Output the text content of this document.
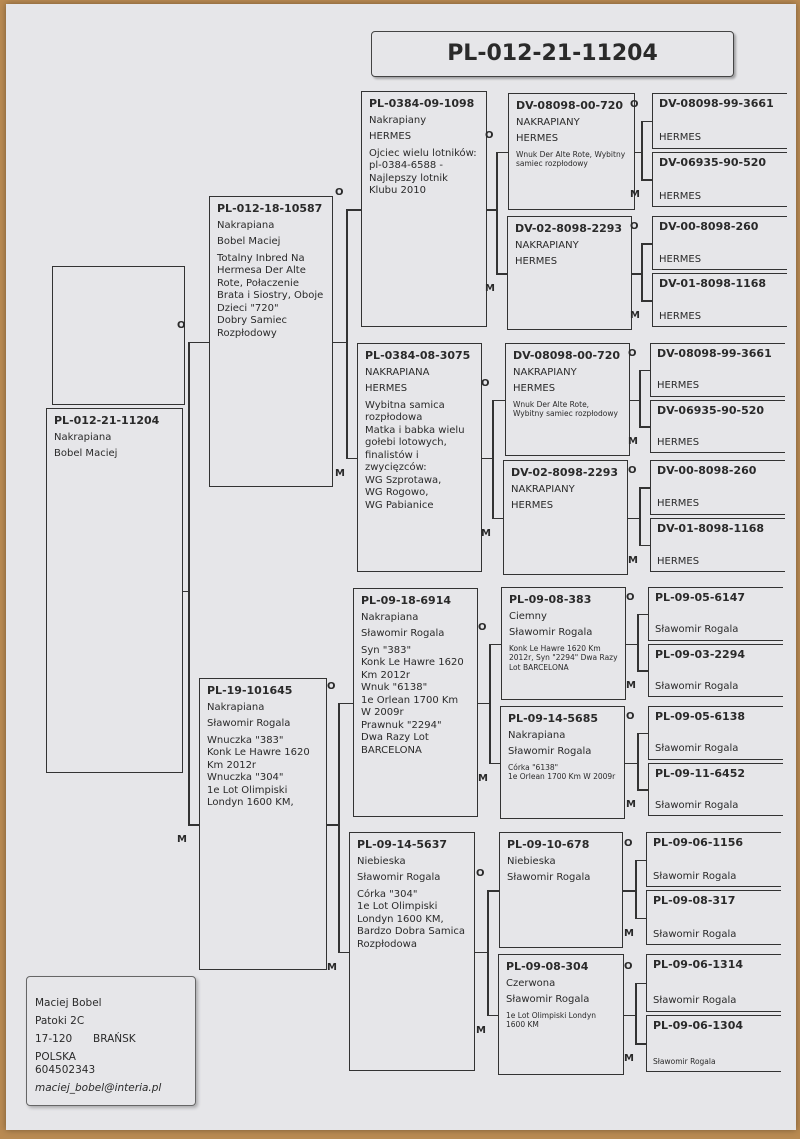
PL-012-21-11204
Maciej Bobel
Patoki 2C
17-120 BRAŃSK
POLSKA
604502343
maciej_bobel@interia.pl
PL-012-21-11204
Nakrapiana
Bobel Maciej
PL-012-18-10587
Nakrapiana
Bobel Maciej
Totalny Inbred Na Hermesa Der Alte Rote, Połaczenie Brata i Siostry, Oboje Dzieci "720"
Dobry Samiec Rozpłodowy
PL-19-101645
Nakrapiana
Sławomir Rogala
Wnuczka "383"
Konk Le Hawre 1620 Km 2012r
Wnuczka "304"
1e Lot Olimpiski Londyn 1600 KM,
PL-0384-09-1098
Nakrapiany
HERMES
Ojciec wielu lotników: pl-0384-6588 - Najlepszy lotnik Klubu 2010
PL-0384-08-3075
NAKRAPIANA
HERMES
Wybitna samica rozpłodowa
Matka i babka wielu gołebi lotowych, finalistów i zwycięzców:
WG Szprotawa,
WG Rogowo,
WG Pabianice
PL-09-18-6914
Nakrapiana
Sławomir Rogala
Syn "383"
Konk Le Hawre 1620 Km 2012r
Wnuk "6138"
1e Orlean 1700 Km W 2009r
Prawnuk "2294"
Dwa Razy Lot BARCELONA
PL-09-14-5637
Niebieska
Sławomir Rogala
Córka "304"
1e Lot Olimpiski Londyn 1600 KM, Bardzo Dobra Samica Rozpłodowa
DV-08098-00-720
NAKRAPIANY
HERMES
Wnuk Der Alte Rote, Wybitny samiec rozpłodowy
DV-02-8098-2293
NAKRAPIANY
HERMES
DV-08098-00-720
NAKRAPIANY
HERMES
Wnuk Der Alte Rote, Wybitny samiec rozpłodowy
DV-02-8098-2293
NAKRAPIANY
HERMES
PL-09-08-383
Ciemny
Sławomir Rogala
Konk Le Hawre 1620 Km 2012r, Syn "2294" Dwa Razy Lot BARCELONA
PL-09-14-5685
Nakrapiana
Sławomir Rogala
Córka "6138"
1e Orlean 1700 Km W 2009r
PL-09-10-678
Niebieska
Sławomir Rogala
PL-09-08-304
Czerwona
Sławomir Rogala
1e Lot Olimpiski Londyn 1600 KM
DV-08098-99-3661
HERMES
DV-06935-90-520
HERMES
DV-00-8098-260
HERMES
DV-01-8098-1168
HERMES
DV-08098-99-3661
HERMES
DV-06935-90-520
HERMES
DV-00-8098-260
HERMES
DV-01-8098-1168
HERMES
PL-09-05-6147
Sławomir Rogala
PL-09-03-2294
Sławomir Rogala
PL-09-05-6138
Sławomir Rogala
PL-09-11-6452
Sławomir Rogala
PL-09-06-1156
Sławomir Rogala
PL-09-08-317
Sławomir Rogala
PL-09-06-1314
Sławomir Rogala
PL-09-06-1304
Sławomir Rogala
O
M
O
M
O
M
O
M
O
M
O
M
O
M
O
M
O
M
O
M
O
M
O
M
O
M
O
M
O
M
